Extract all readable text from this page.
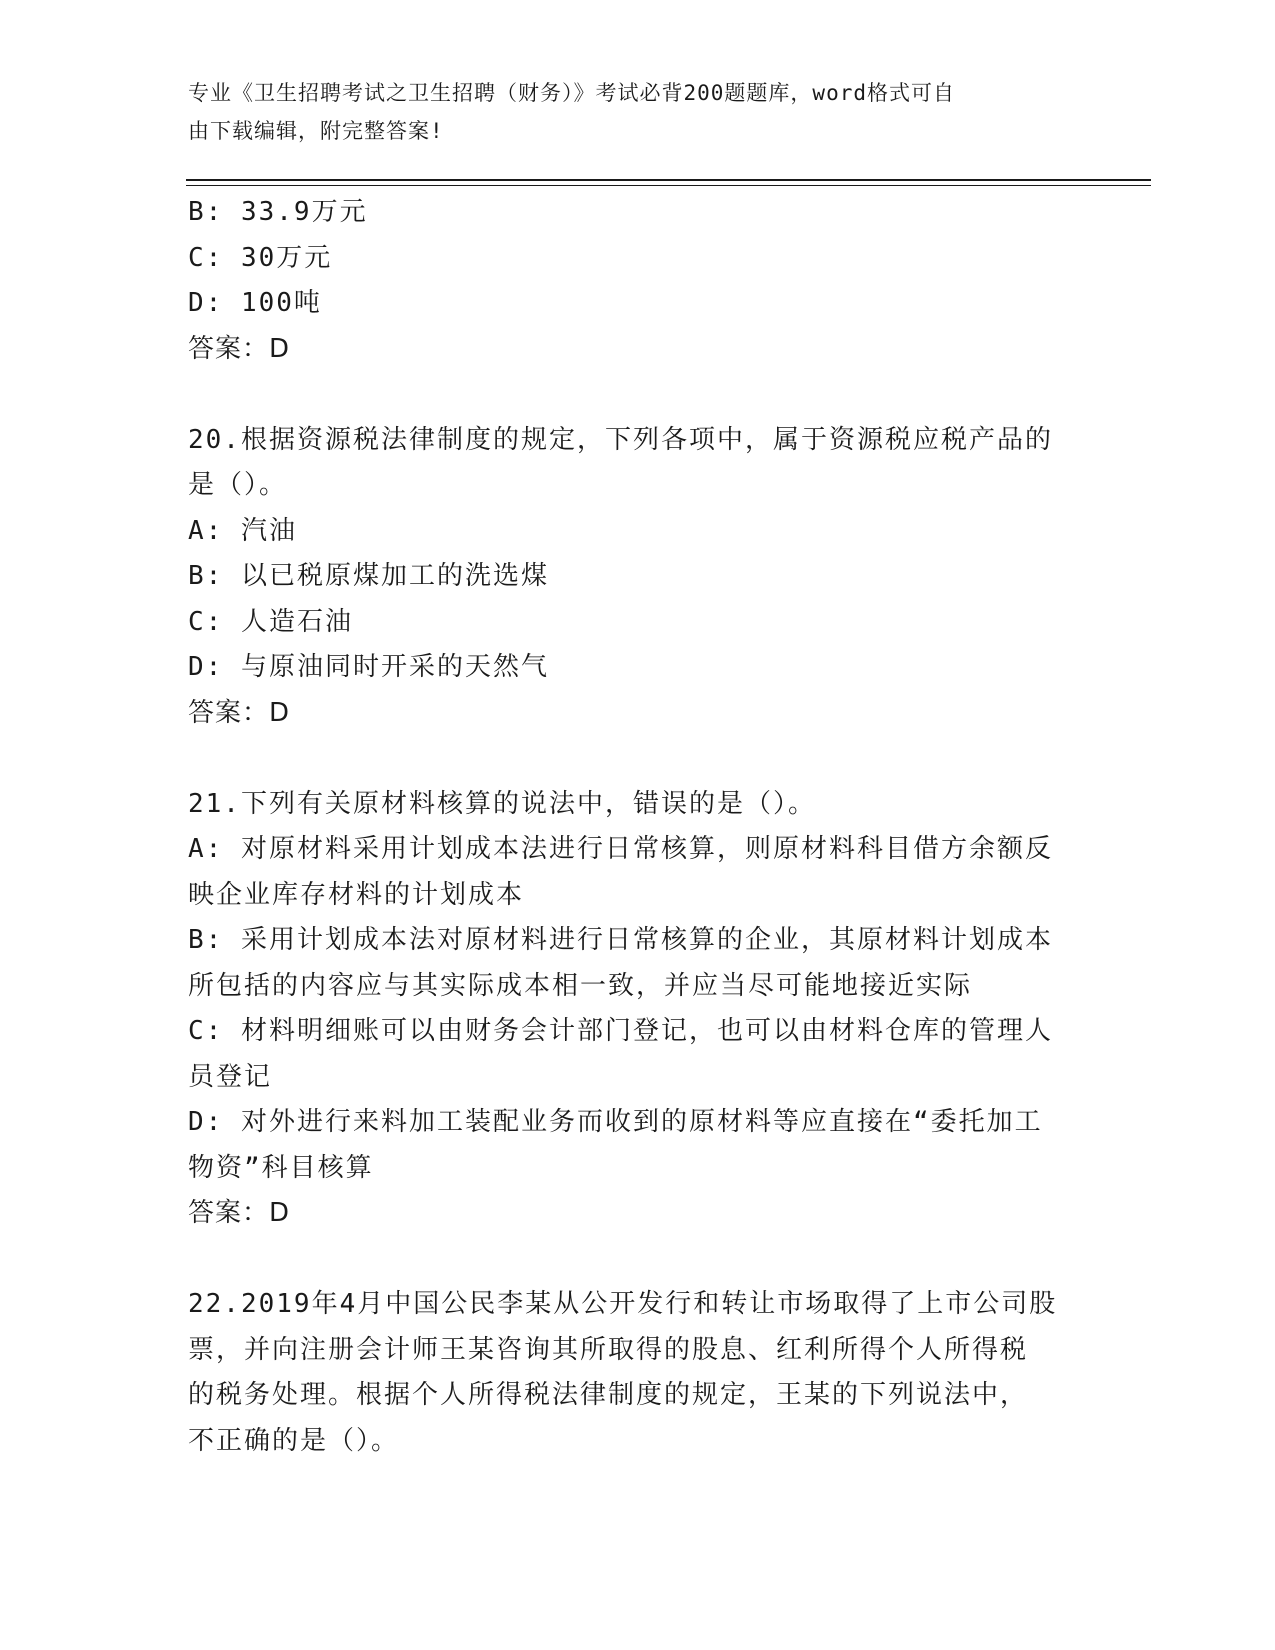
专业《卫生招聘考试之卫生招聘（财务）》考试必背200题题库，word格式可自
由下载编辑，附完整答案!
B: 33.9万元
C: 30万元
D: 100吨
答案：D
20.根据资源税法律制度的规定，下列各项中，属于资源税应税产品的
是（）。
A: 汽油
B: 以已税原煤加工的洗选煤
C: 人造石油
D: 与原油同时开采的天然气
答案：D
21.下列有关原材料核算的说法中，错误的是（）。
A: 对原材料采用计划成本法进行日常核算，则原材料科目借方余额反
映企业库存材料的计划成本
B: 采用计划成本法对原材料进行日常核算的企业，其原材料计划成本
所包括的内容应与其实际成本相一致，并应当尽可能地接近实际
C: 材料明细账可以由财务会计部门登记，也可以由材料仓库的管理人
员登记
D: 对外进行来料加工装配业务而收到的原材料等应直接在“委托加工
物资”科目核算
答案：D
22.2019年4月中国公民李某从公开发行和转让市场取得了上市公司股
票，并向注册会计师王某咨询其所取得的股息、红利所得个人所得税
的税务处理。根据个人所得税法律制度的规定，王某的下列说法中，
不正确的是（）。
